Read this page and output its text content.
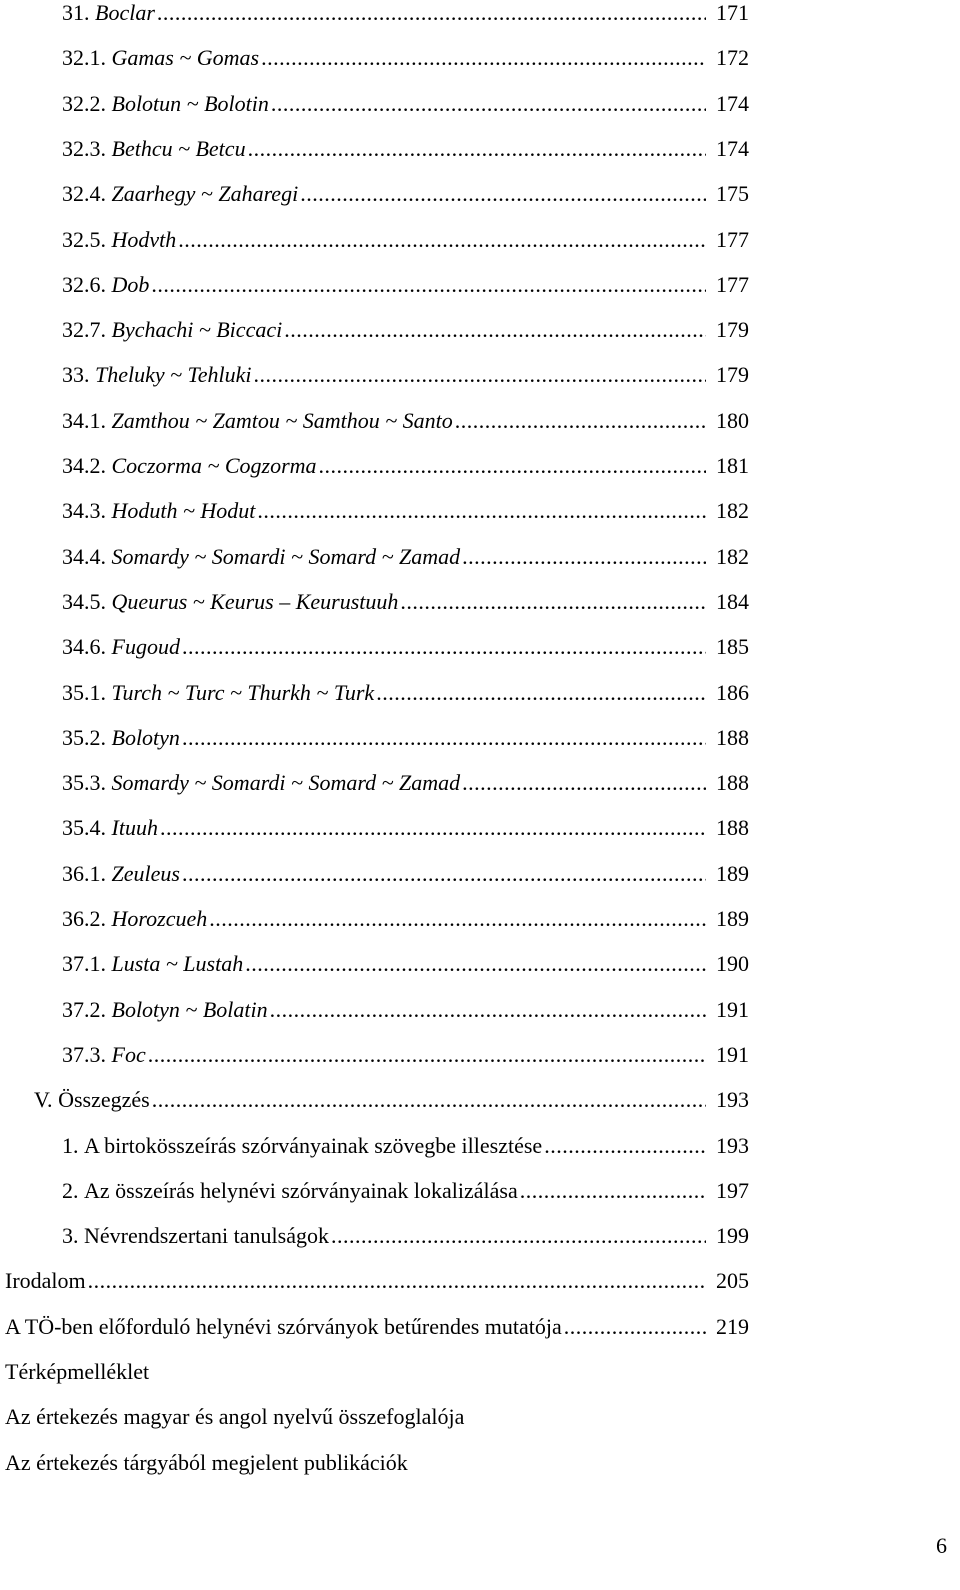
31. Boclar .....	171
32.1. Gamas ~ Gomas .....	172
32.2. Bolotun ~ Bolotin .....	174
32.3. Bethcu ~ Betcu .....	174
32.4. Zaarhegy ~ Zaharegi .....	175
32.5. Hodvth .....	177
32.6. Dob .....	177
32.7. Bychachi ~ Biccaci .....	179
33. Theluky ~ Tehluki .....	179
34.1. Zamthou ~ Zamtou ~ Samthou ~ Santo .....	180
34.2. Coczorma ~ Cogzorma .....	181
34.3. Hoduth ~ Hodut .....	182
34.4. Somardy ~ Somardi ~ Somard ~ Zamad .....	182
34.5. Queurus ~ Keurus – Keurustuuh .....	184
34.6. Fugoud .....	185
35.1. Turch ~ Turc ~ Thurkh ~ Turk .....	186
35.2. Bolotyn .....	188
35.3. Somardy ~ Somardi ~ Somard ~ Zamad .....	188
35.4. Ituuh .....	188
36.1. Zeuleus .....	189
36.2. Horozcueh .....	189
37.1. Lusta ~ Lustah .....	190
37.2. Bolotyn ~ Bolatin .....	191
37.3. Foc .....	191
V. Összegzés .....	193
1. A birtokösszeírás szórványainak szövegbe illesztése .....	193
2. Az összeírás helynévi szórványainak lokalizálása .....	197
3. Névrendszertani tanulságok .....	199
Irodalom .....	205
A TÖ-ben előforduló helynévi szórványok betűrendes mutatója .....	219
Térképmelléklet
Az értekezés magyar és angol nyelvű összefoglalója
Az értekezés tárgyából megjelent publikációk
6
